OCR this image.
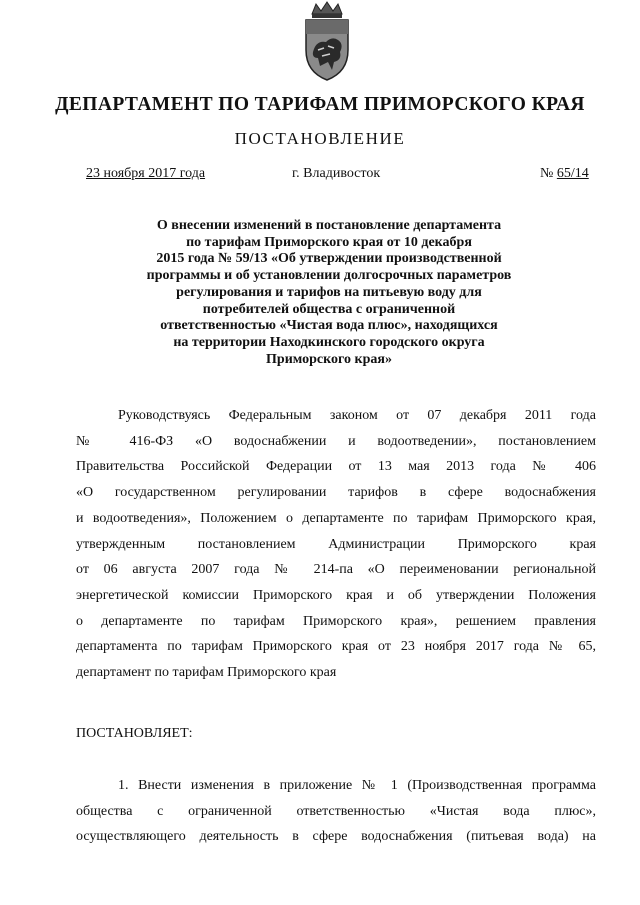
ДЕПАРТАМЕНТ ПО ТАРИФАМ ПРИМОРСКОГО КРАЯ
ПОСТАНОВЛЕНИЕ
23 ноября 2017 года	г. Владивосток	№ 65/14
О внесении изменений в постановление департамента
по тарифам Приморского края от 10 декабря
2015 года № 59/13 «Об утверждении производственной
программы и об установлении долгосрочных параметров
регулирования и тарифов на питьевую воду для
потребителей общества с ограниченной
ответственностью «Чистая вода плюс», находящихся
на территории Находкинского городского округа
Приморского края»
Руководствуясь Федеральным законом от 07 декабря 2011 года
№ 416-ФЗ «О водоснабжении и водоотведении», постановлением
Правительства Российской Федерации от 13 мая 2013 года № 406
«О государственном регулировании тарифов в сфере водоснабжения
и водоотведения», Положением о департаменте по тарифам Приморского края,
утвержденным постановлением Администрации Приморского края
от 06 августа 2007 года № 214-па «О переименовании региональной
энергетической комиссии Приморского края и об утверждении Положения
о департаменте по тарифам Приморского края», решением правления
департамента по тарифам Приморского края от 23 ноября 2017 года № 65,
департамент по тарифам Приморского края
ПОСТАНОВЛЯЕТ:
1. Внести изменения в приложение № 1 (Производственная программа
общества с ограниченной ответственностью «Чистая вода плюс»,
осуществляющего деятельность в сфере водоснабжения (питьевая вода) на
